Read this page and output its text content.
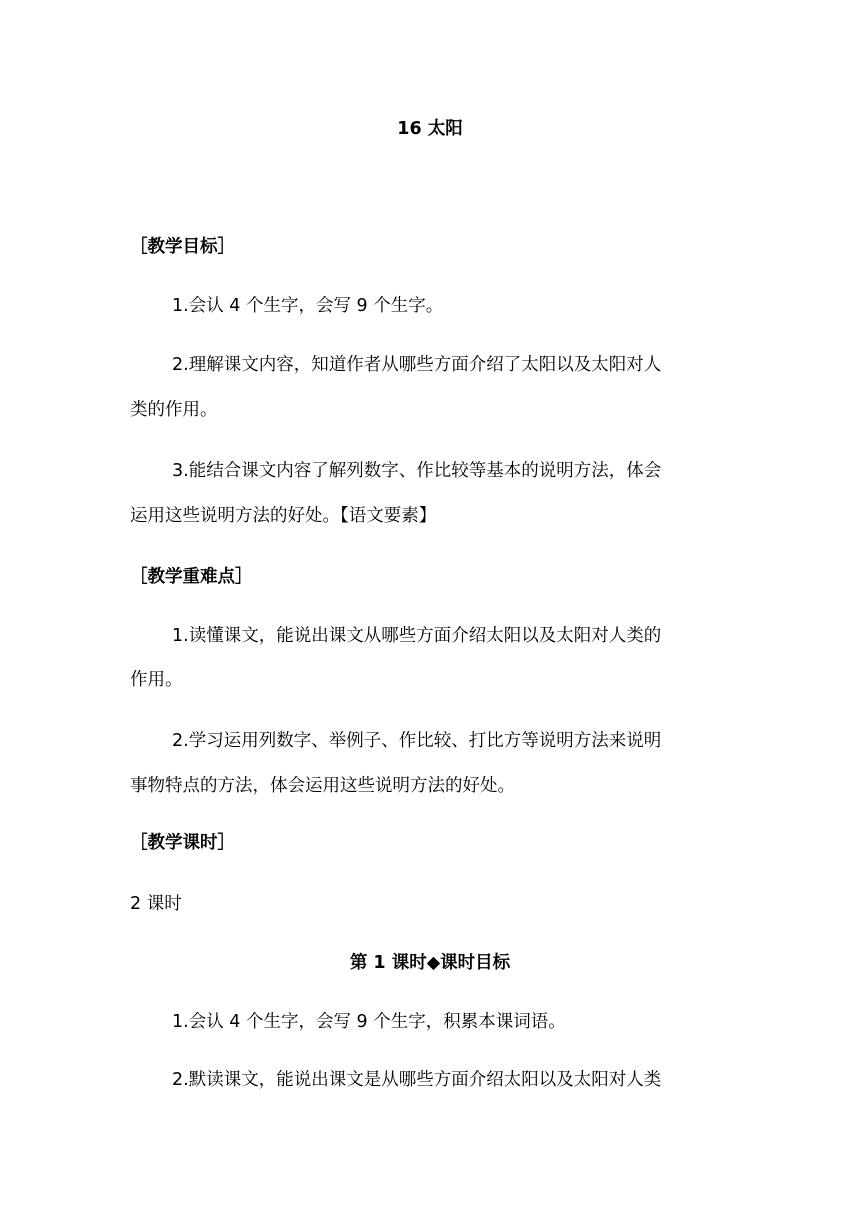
16 太阳
［教学目标］
1.会认 4 个生字，会写 9 个生字。
2.理解课文内容，知道作者从哪些方面介绍了太阳以及太阳对人
类的作用。
3.能结合课文内容了解列数字、作比较等基本的说明方法，体会
运用这些说明方法的好处。【语文要素】
［教学重难点］
1.读懂课文，能说出课文从哪些方面介绍太阳以及太阳对人类的
作用。
2.学习运用列数字、举例子、作比较、打比方等说明方法来说明
事物特点的方法，体会运用这些说明方法的好处。
［教学课时］
2 课时
第 1 课时◆课时目标
1.会认 4 个生字，会写 9 个生字，积累本课词语。
2.默读课文，能说出课文是从哪些方面介绍太阳以及太阳对人类
